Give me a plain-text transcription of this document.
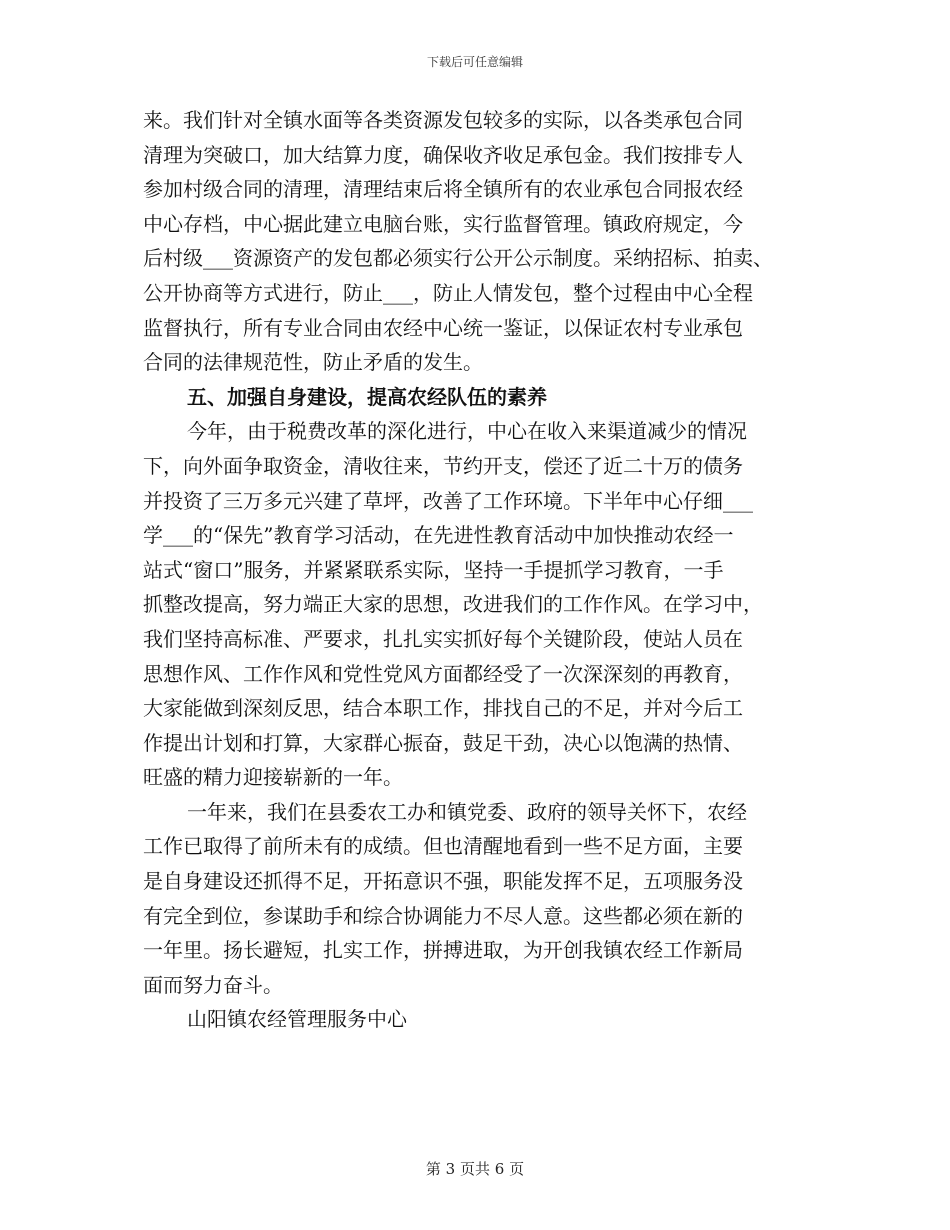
下载后可任意编辑
来。我们针对全镇水面等各类资源发包较多的实际，以各类承包合同
清理为突破口，加大结算力度，确保收齐收足承包金。我们按排专人
参加村级合同的清理，清理结束后将全镇所有的农业承包合同报农经
中心存档，中心据此建立电脑台账，实行监督管理。镇政府规定，今
后村级___资源资产的发包都必须实行公开公示制度。采纳招标、拍卖、
公开协商等方式进行，防止___，防止人情发包，整个过程由中心全程
监督执行，所有专业合同由农经中心统一鉴证，以保证农村专业承包
合同的法律规范性，防止矛盾的发生。
五、加强自身建设，提高农经队伍的素养
今年，由于税费改革的深化进行，中心在收入来渠道减少的情况
下，向外面争取资金，清收往来，节约开支，偿还了近二十万的债务
并投资了三万多元兴建了草坪，改善了工作环境。下半年中心仔细___
学___的“保先”教育学习活动，在先进性教育活动中加快推动农经一
站式“窗口”服务，并紧紧联系实际，坚持一手提抓学习教育，一手
抓整改提高，努力端正大家的思想，改进我们的工作作风。在学习中，
我们坚持高标准、严要求，扎扎实实抓好每个关键阶段，使站人员在
思想作风、工作作风和党性党风方面都经受了一次深深刻的再教育，
大家能做到深刻反思，结合本职工作，排找自己的不足，并对今后工
作提出计划和打算，大家群心振奋，鼓足干劲，决心以饱满的热情、
旺盛的精力迎接崭新的一年。
一年来，我们在县委农工办和镇党委、政府的领导关怀下，农经
工作已取得了前所未有的成绩。但也清醒地看到一些不足方面，主要
是自身建设还抓得不足，开拓意识不强，职能发挥不足，五项服务没
有完全到位，参谋助手和综合协调能力不尽人意。这些都必须在新的
一年里。扬长避短，扎实工作，拼搏进取，为开创我镇农经工作新局
面而努力奋斗。
山阳镇农经管理服务中心
第 3 页共 6 页
